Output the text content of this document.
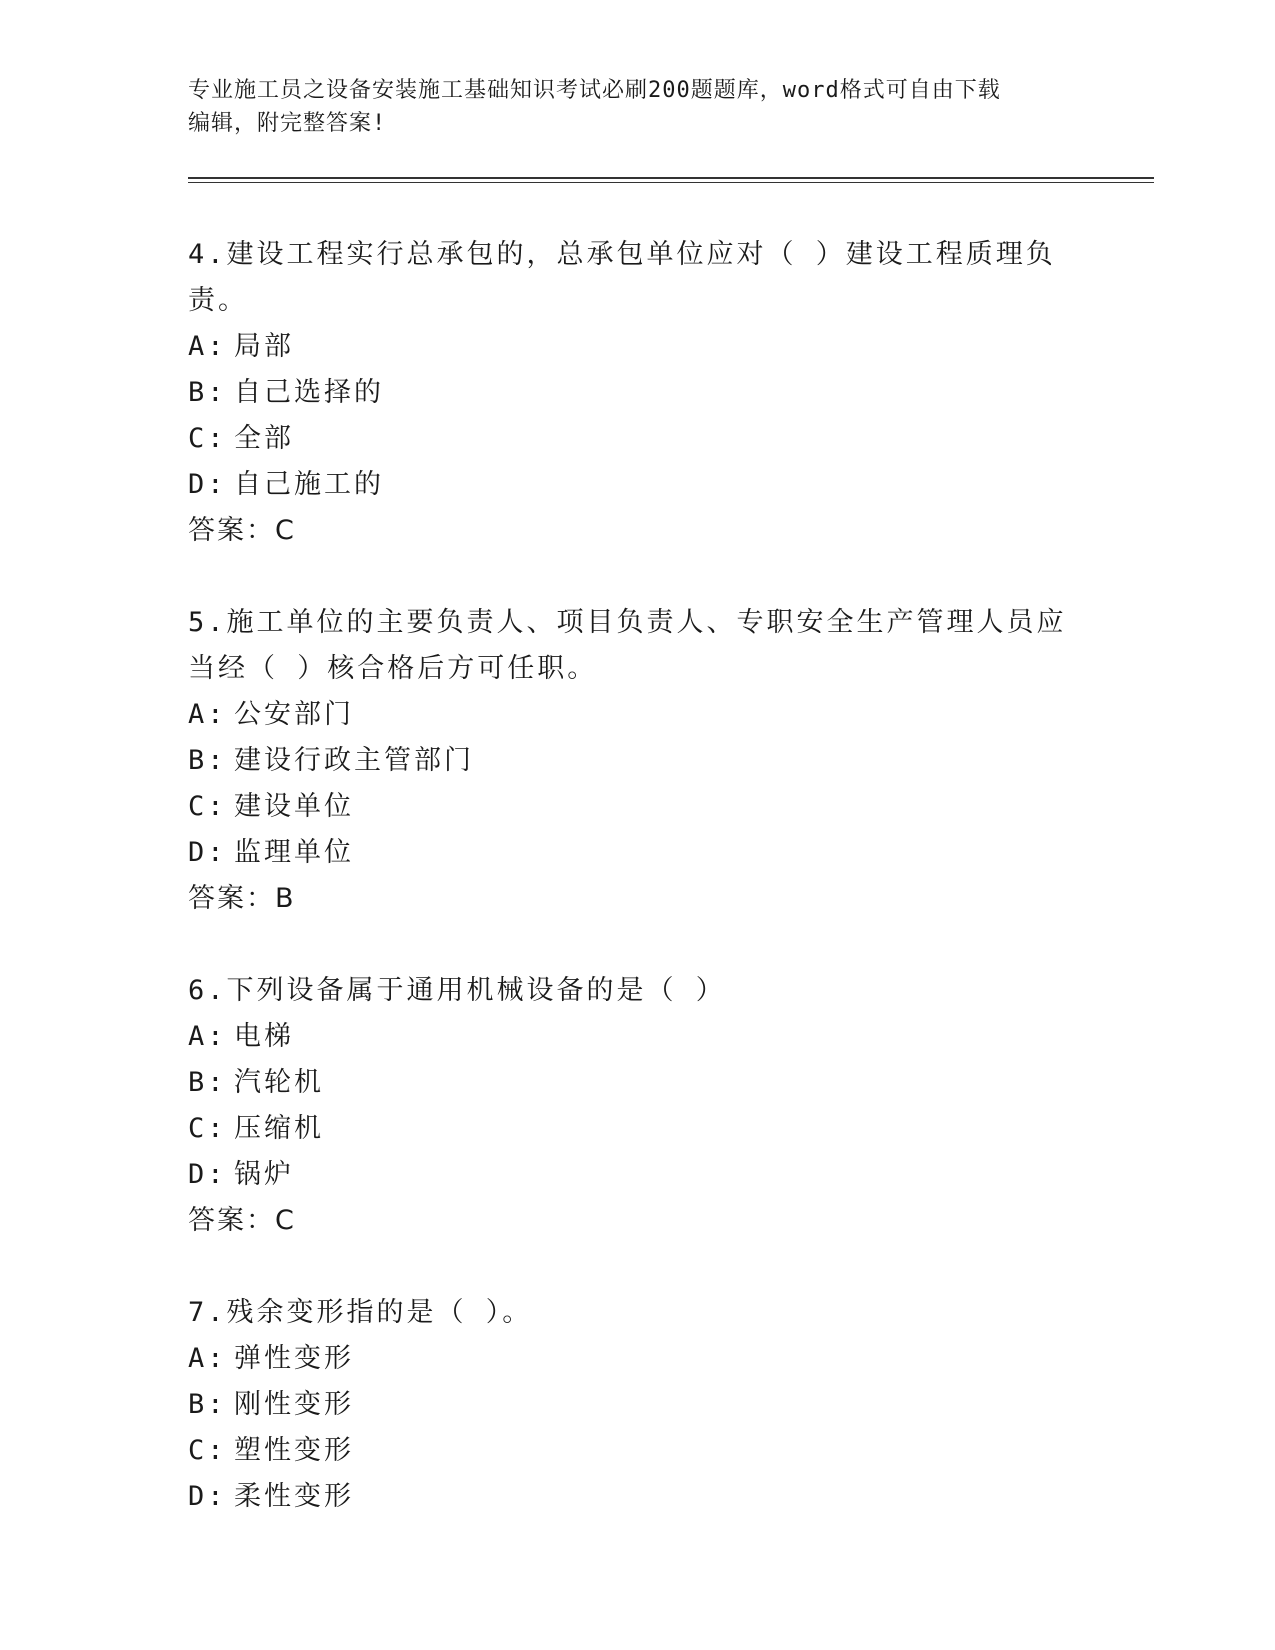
专业施工员之设备安装施工基础知识考试必刷200题题库，word格式可自由下载
编辑，附完整答案!

4.建设工程实行总承包的，总承包单位应对（ ）建设工程质理负责。

A: 局部
B: 自己选择的
C: 全部
D: 自己施工的
答案：C

5.施工单位的主要负责人、项目负责人、专职安全生产管理人员应当经（ ）核合格后方可任职。

A: 公安部门
B: 建设行政主管部门
C: 建设单位
D: 监理单位
答案：B

6.下列设备属于通用机械设备的是（ ）

A: 电梯
B: 汽轮机
C: 压缩机
D: 锅炉
答案：C

7.残余变形指的是（ ）。

A: 弹性变形
B: 刚性变形
C: 塑性变形
D: 柔性变形
